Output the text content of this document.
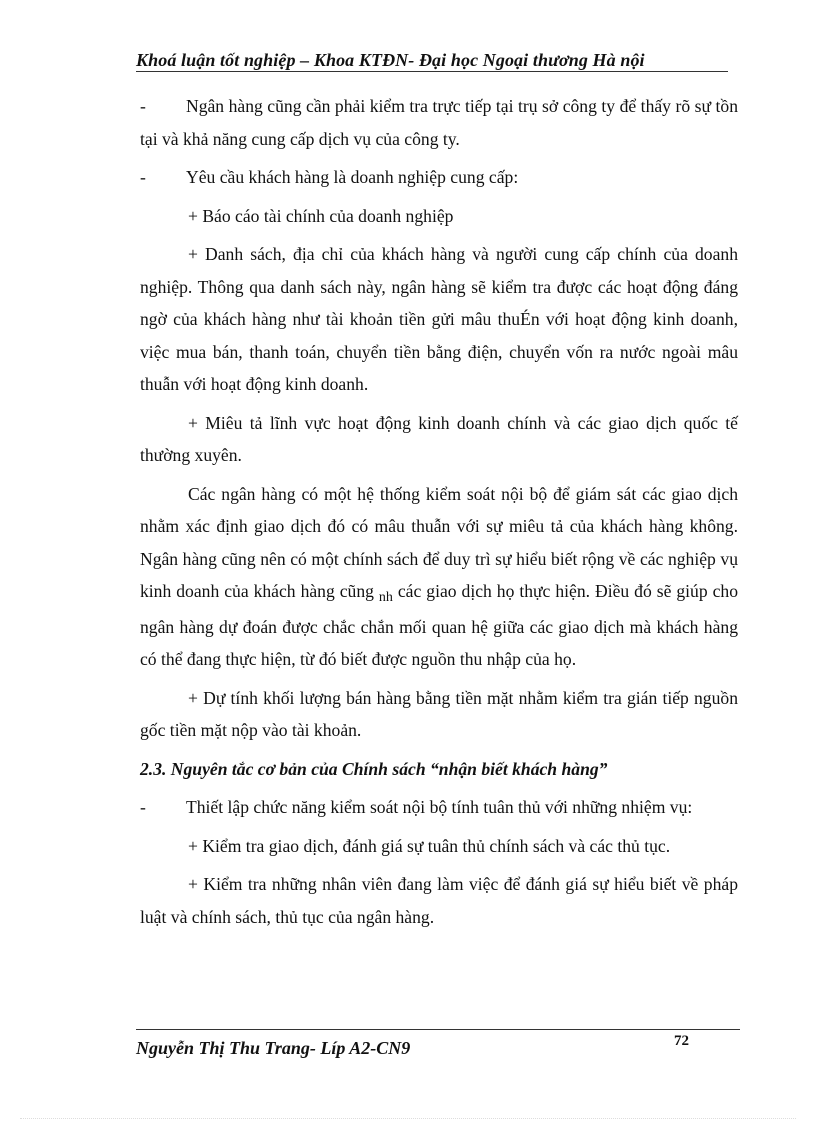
Khoá luận tốt nghiệp – Khoa KTĐN- Đại học Ngoại thương Hà nội

- Ngân hàng cũng cần phải kiểm tra trực tiếp tại trụ sở công ty để thấy rõ sự tồn tại và khả năng cung cấp dịch vụ của công ty.

- Yêu cầu khách hàng là doanh nghiệp cung cấp:

+ Báo cáo tài chính của doanh nghiệp

+ Danh sách, địa chỉ của khách hàng và người cung cấp chính của doanh nghiệp. Thông qua danh sách này, ngân hàng sẽ kiểm tra được các hoạt động đáng ngờ của khách hàng như tài khoản tiền gửi mâu thuÉn với hoạt động kinh doanh, việc mua bán, thanh toán, chuyển tiền bằng điện, chuyển vốn ra nước ngoài mâu thuẫn với hoạt động kinh doanh.

+ Miêu tả lĩnh vực hoạt động kinh doanh chính và các giao dịch quốc tế thường xuyên.

Các ngân hàng có một hệ thống kiểm soát nội bộ để giám sát các giao dịch nhằm xác định giao dịch đó có mâu thuẫn với sự miêu tả của khách hàng không. Ngân hàng cũng nên có một chính sách để duy trì sự hiểu biết rộng về các nghiệp vụ kinh doanh của khách hàng cũng $_{nh}$ các giao dịch họ thực hiện. Điều đó sẽ giúp cho ngân hàng dự đoán được chắc chắn mối quan hệ giữa các giao dịch mà khách hàng có thể đang thực hiện, từ đó biết được nguồn thu nhập của họ.

+ Dự tính khối lượng bán hàng bằng tiền mặt nhằm kiểm tra gián tiếp nguồn gốc tiền mặt nộp vào tài khoản.

2.3. Nguyên tắc cơ bản của Chính sách “nhận biết khách hàng”

- Thiết lập chức năng kiểm soát nội bộ tính tuân thủ với những nhiệm vụ:

+ Kiểm tra giao dịch, đánh giá sự tuân thủ chính sách và các thủ tục.

+ Kiểm tra những nhân viên đang làm việc để đánh giá sự hiểu biết về pháp luật và chính sách, thủ tục của ngân hàng.

Nguyễn Thị Thu Trang- Líp A2-CN9	72
